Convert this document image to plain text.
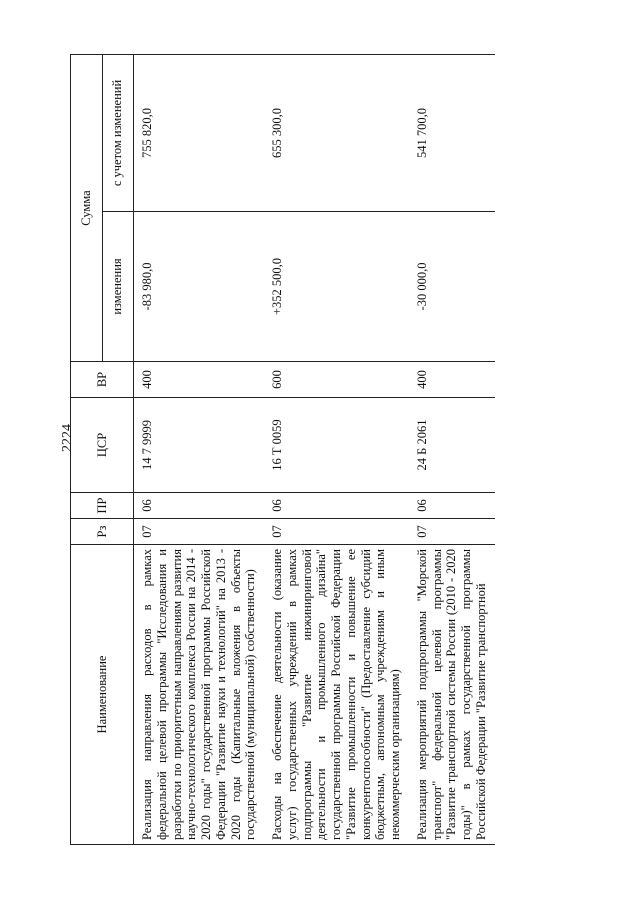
2224
Наименование	Рз	ПР	ЦСР	ВР	Сумма	
					изменения	с учетом изменений
Реализация направления расходов в рамках федеральной целевой программы "Исследования и разработки по приоритетным направлениям развития научно-технологического комплекса России на 2014 - 2020 годы" государственной программы Российской Федерации "Развитие науки и технологий" на 2013 - 2020 годы (Капитальные вложения в объекты государственной (муниципальной) собственности)	07	06	14 7 9999	400	-83 980,0	755 820,0
Расходы на обеспечение деятельности (оказание услуг) государственных учреждений в рамках подпрограммы "Развитие инжиниринговой деятельности и промышленного дизайна" государственной программы Российской Федерации "Развитие промышленности и повышение ее конкурентоспособности" (Предоставление субсидий бюджетным, автономным учреждениям и иным некоммерческим организациям)	07	06	16 Т 0059	600	+352 500,0	655 300,0
Реализация мероприятий подпрограммы "Морской транспорт" федеральной целевой программы "Развитие транспортной системы России (2010 - 2020 годы)" в рамках государственной программы Российской Федерации "Развитие транспортной	07	06	24 Б 2061	400	-30 000,0	541 700,0
